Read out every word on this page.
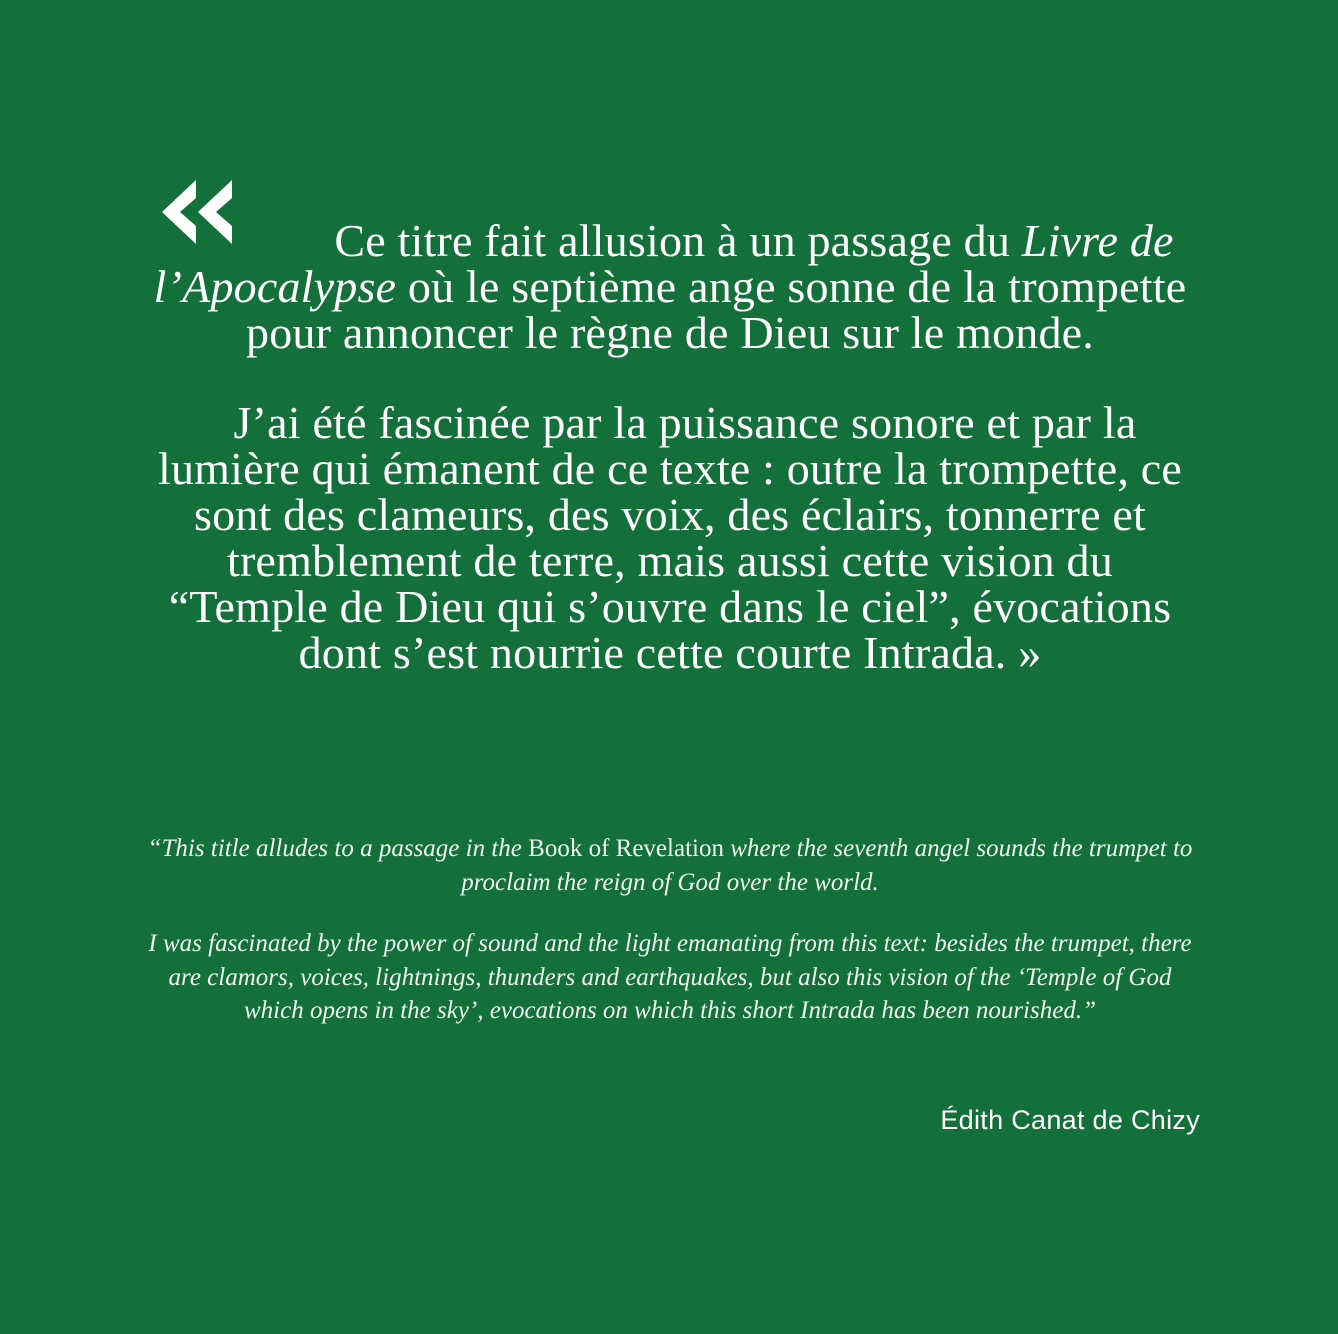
Ce titre fait allusion à un passage du Livre de l’Apocalypse où le septième ange sonne de la trompette pour annoncer le règne de Dieu sur le monde.

J’ai été fascinée par la puissance sonore et par la lumière qui émanent de ce texte : outre la trompette, ce sont des clameurs, des voix, des éclairs, tonnerre et tremblement de terre, mais aussi cette vision du “Temple de Dieu qui s’ouvre dans le ciel”, évocations dont s’est nourrie cette courte Intrada. »

“This title alludes to a passage in the Book of Revelation where the seventh angel sounds the trumpet to proclaim the reign of God over the world.

I was fascinated by the power of sound and the light emanating from this text: besides the trumpet, there are clamors, voices, lightnings, thunders and earthquakes, but also this vision of the ‘Temple of God which opens in the sky’, evocations on which this short Intrada has been nourished.”

Édith Canat de Chizy
